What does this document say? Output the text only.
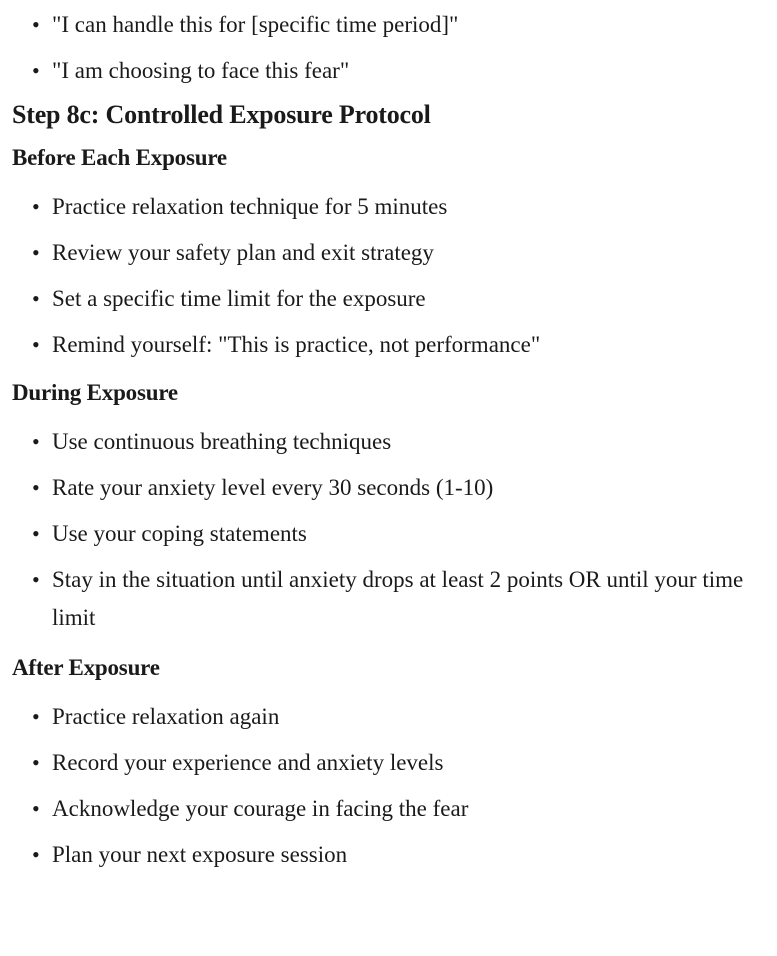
• "I can handle this for [specific time period]"
• "I am choosing to face this fear"
Step 8c: Controlled Exposure Protocol
Before Each Exposure
• Practice relaxation technique for 5 minutes
• Review your safety plan and exit strategy
• Set a specific time limit for the exposure
• Remind yourself: "This is practice, not performance"
During Exposure
• Use continuous breathing techniques
• Rate your anxiety level every 30 seconds (1-10)
• Use your coping statements
• Stay in the situation until anxiety drops at least 2 points OR until your time limit
After Exposure
• Practice relaxation again
• Record your experience and anxiety levels
• Acknowledge your courage in facing the fear
• Plan your next exposure session
